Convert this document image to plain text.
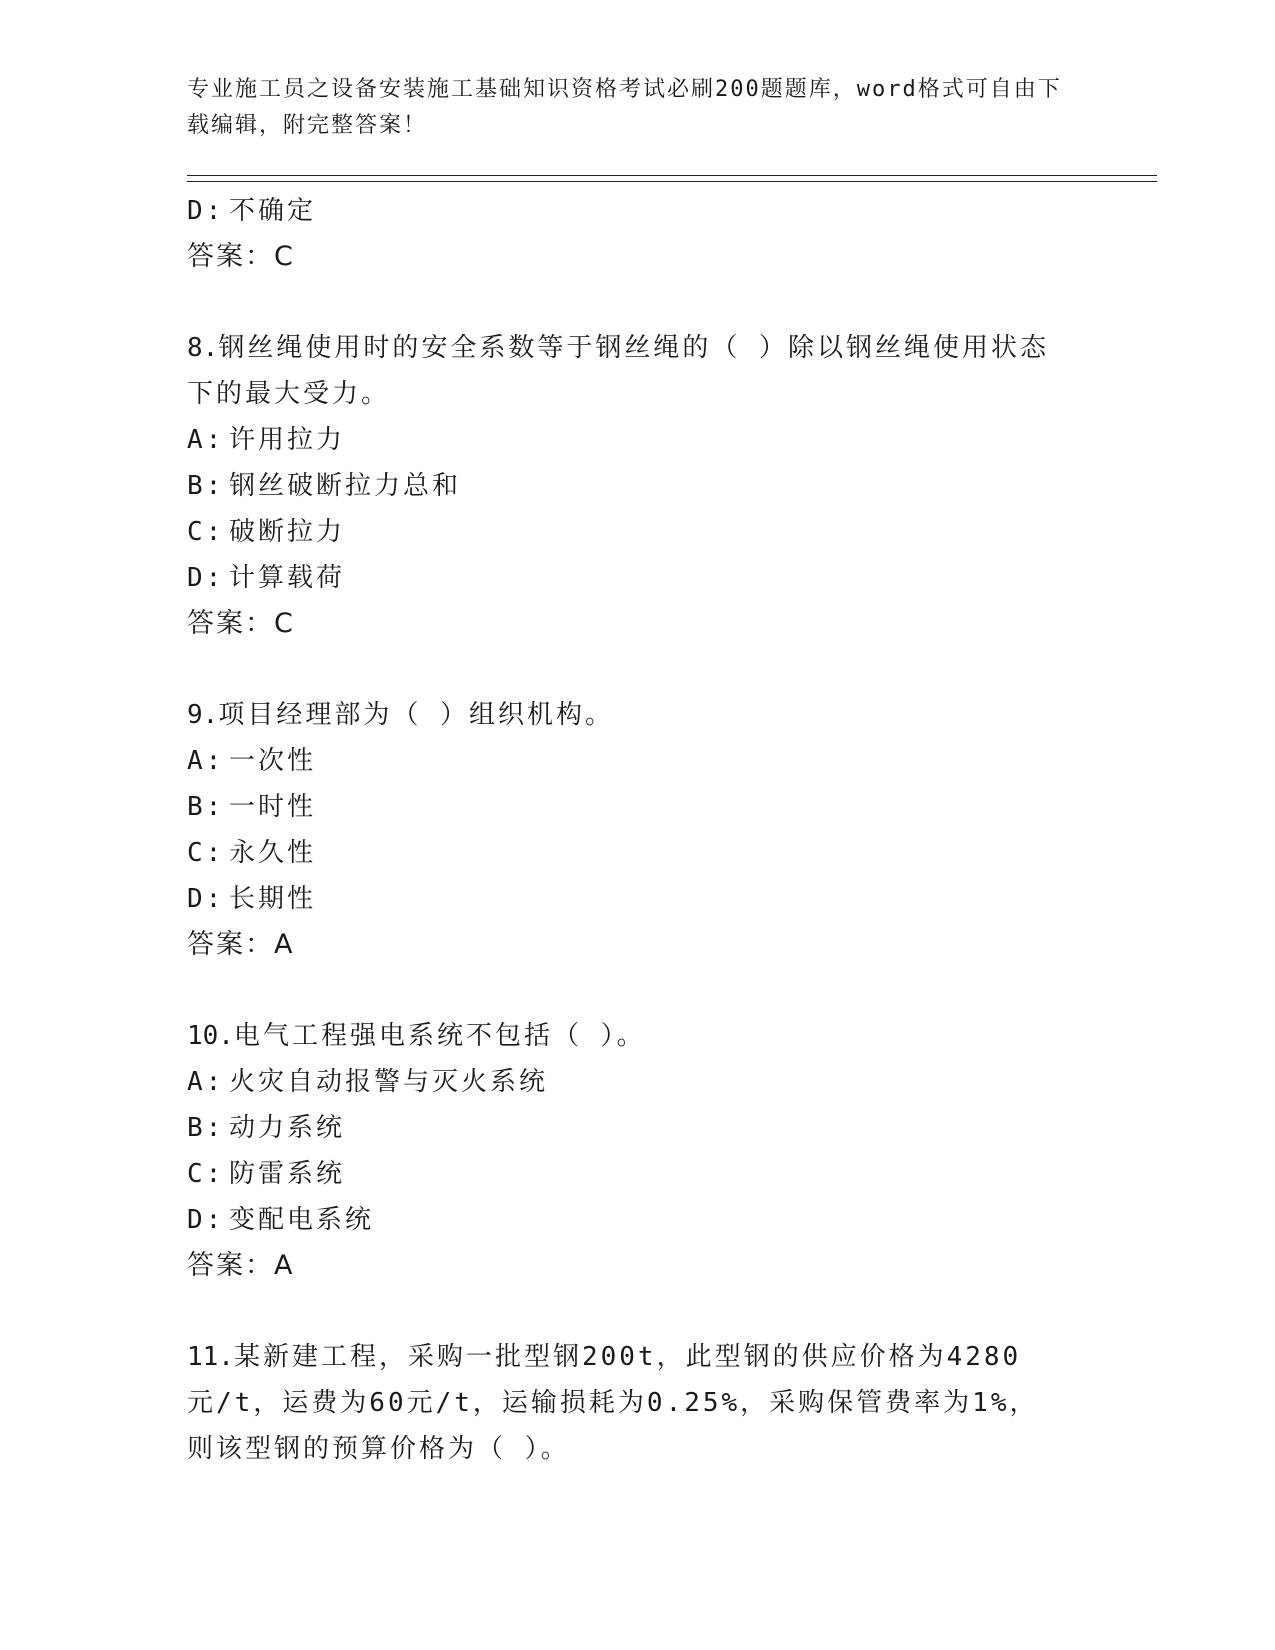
专业施工员之设备安装施工基础知识资格考试必刷200题题库，word格式可自由下载编辑，附完整答案！
D: 不确定
答案：C
8.钢丝绳使用时的安全系数等于钢丝绳的（ ）除以钢丝绳使用状态下的最大受力。
A: 许用拉力
B: 钢丝破断拉力总和
C: 破断拉力
D: 计算载荷
答案：C
9.项目经理部为（ ）组织机构。
A: 一次性
B: 一时性
C: 永久性
D: 长期性
答案：A
10.电气工程强电系统不包括（ ）。
A: 火灾自动报警与灭火系统
B: 动力系统
C: 防雷系统
D: 变配电系统
答案：A
11.某新建工程，采购一批型钢200t，此型钢的供应价格为4280元/t，运费为60元/t，运输损耗为0.25%，采购保管费率为1%，则该型钢的预算价格为（ ）。
